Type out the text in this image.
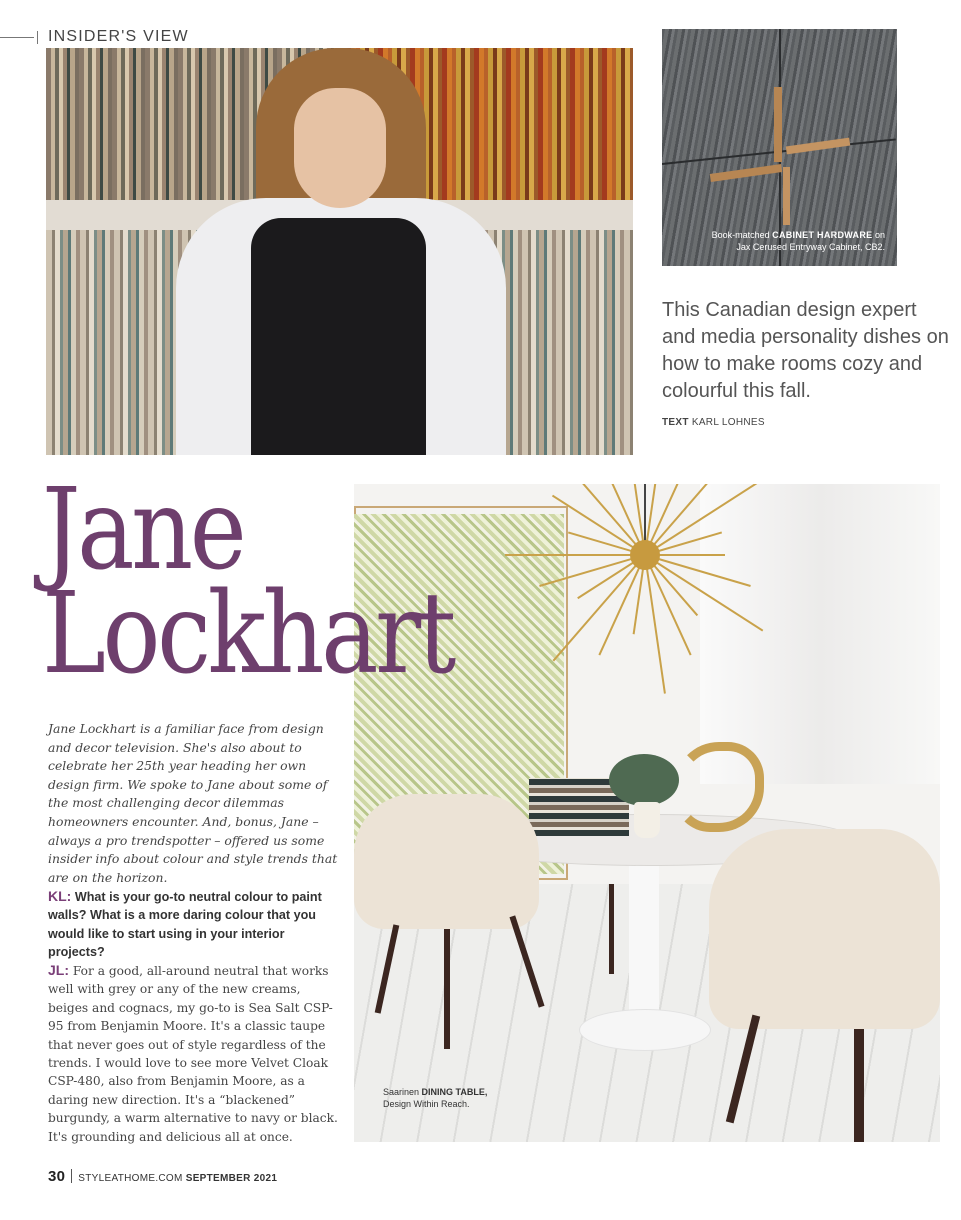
INSIDER'S VIEW
Book-matched CABINET HARDWARE on
Jax Cerused Entryway Cabinet, CB2.
This Canadian design expert and media personality dishes on how to make rooms cozy and colourful this fall.
TEXT KARL LOHNES
Saarinen DINING TABLE,
Design Within Reach.
Jane
Lockhart

Jane Lockhart is a familiar face from design and decor television. She's also about to celebrate her 25th year heading her own design firm. We spoke to Jane about some of the most challenging decor dilemmas homeowners encounter. And, bonus, Jane – always a pro trendspotter – offered us some insider info about colour and style trends that are on the horizon.

KL: What is your go-to neutral colour to paint walls? What is a more daring colour that you would like to start using in your interior projects?

JL: For a good, all-around neutral that works well with grey or any of the new creams, beiges and cognacs, my go-to is Sea Salt CSP-95 from Benjamin Moore. It's a classic taupe that never goes out of style regardless of the trends. I would love to see more Velvet Cloak CSP-480, also from Benjamin Moore, as a daring new direction. It's a “blackened” burgundy, a warm alternative to navy or black. It's grounding and delicious all at once.

30 STYLEATHOME.COM SEPTEMBER 2021
